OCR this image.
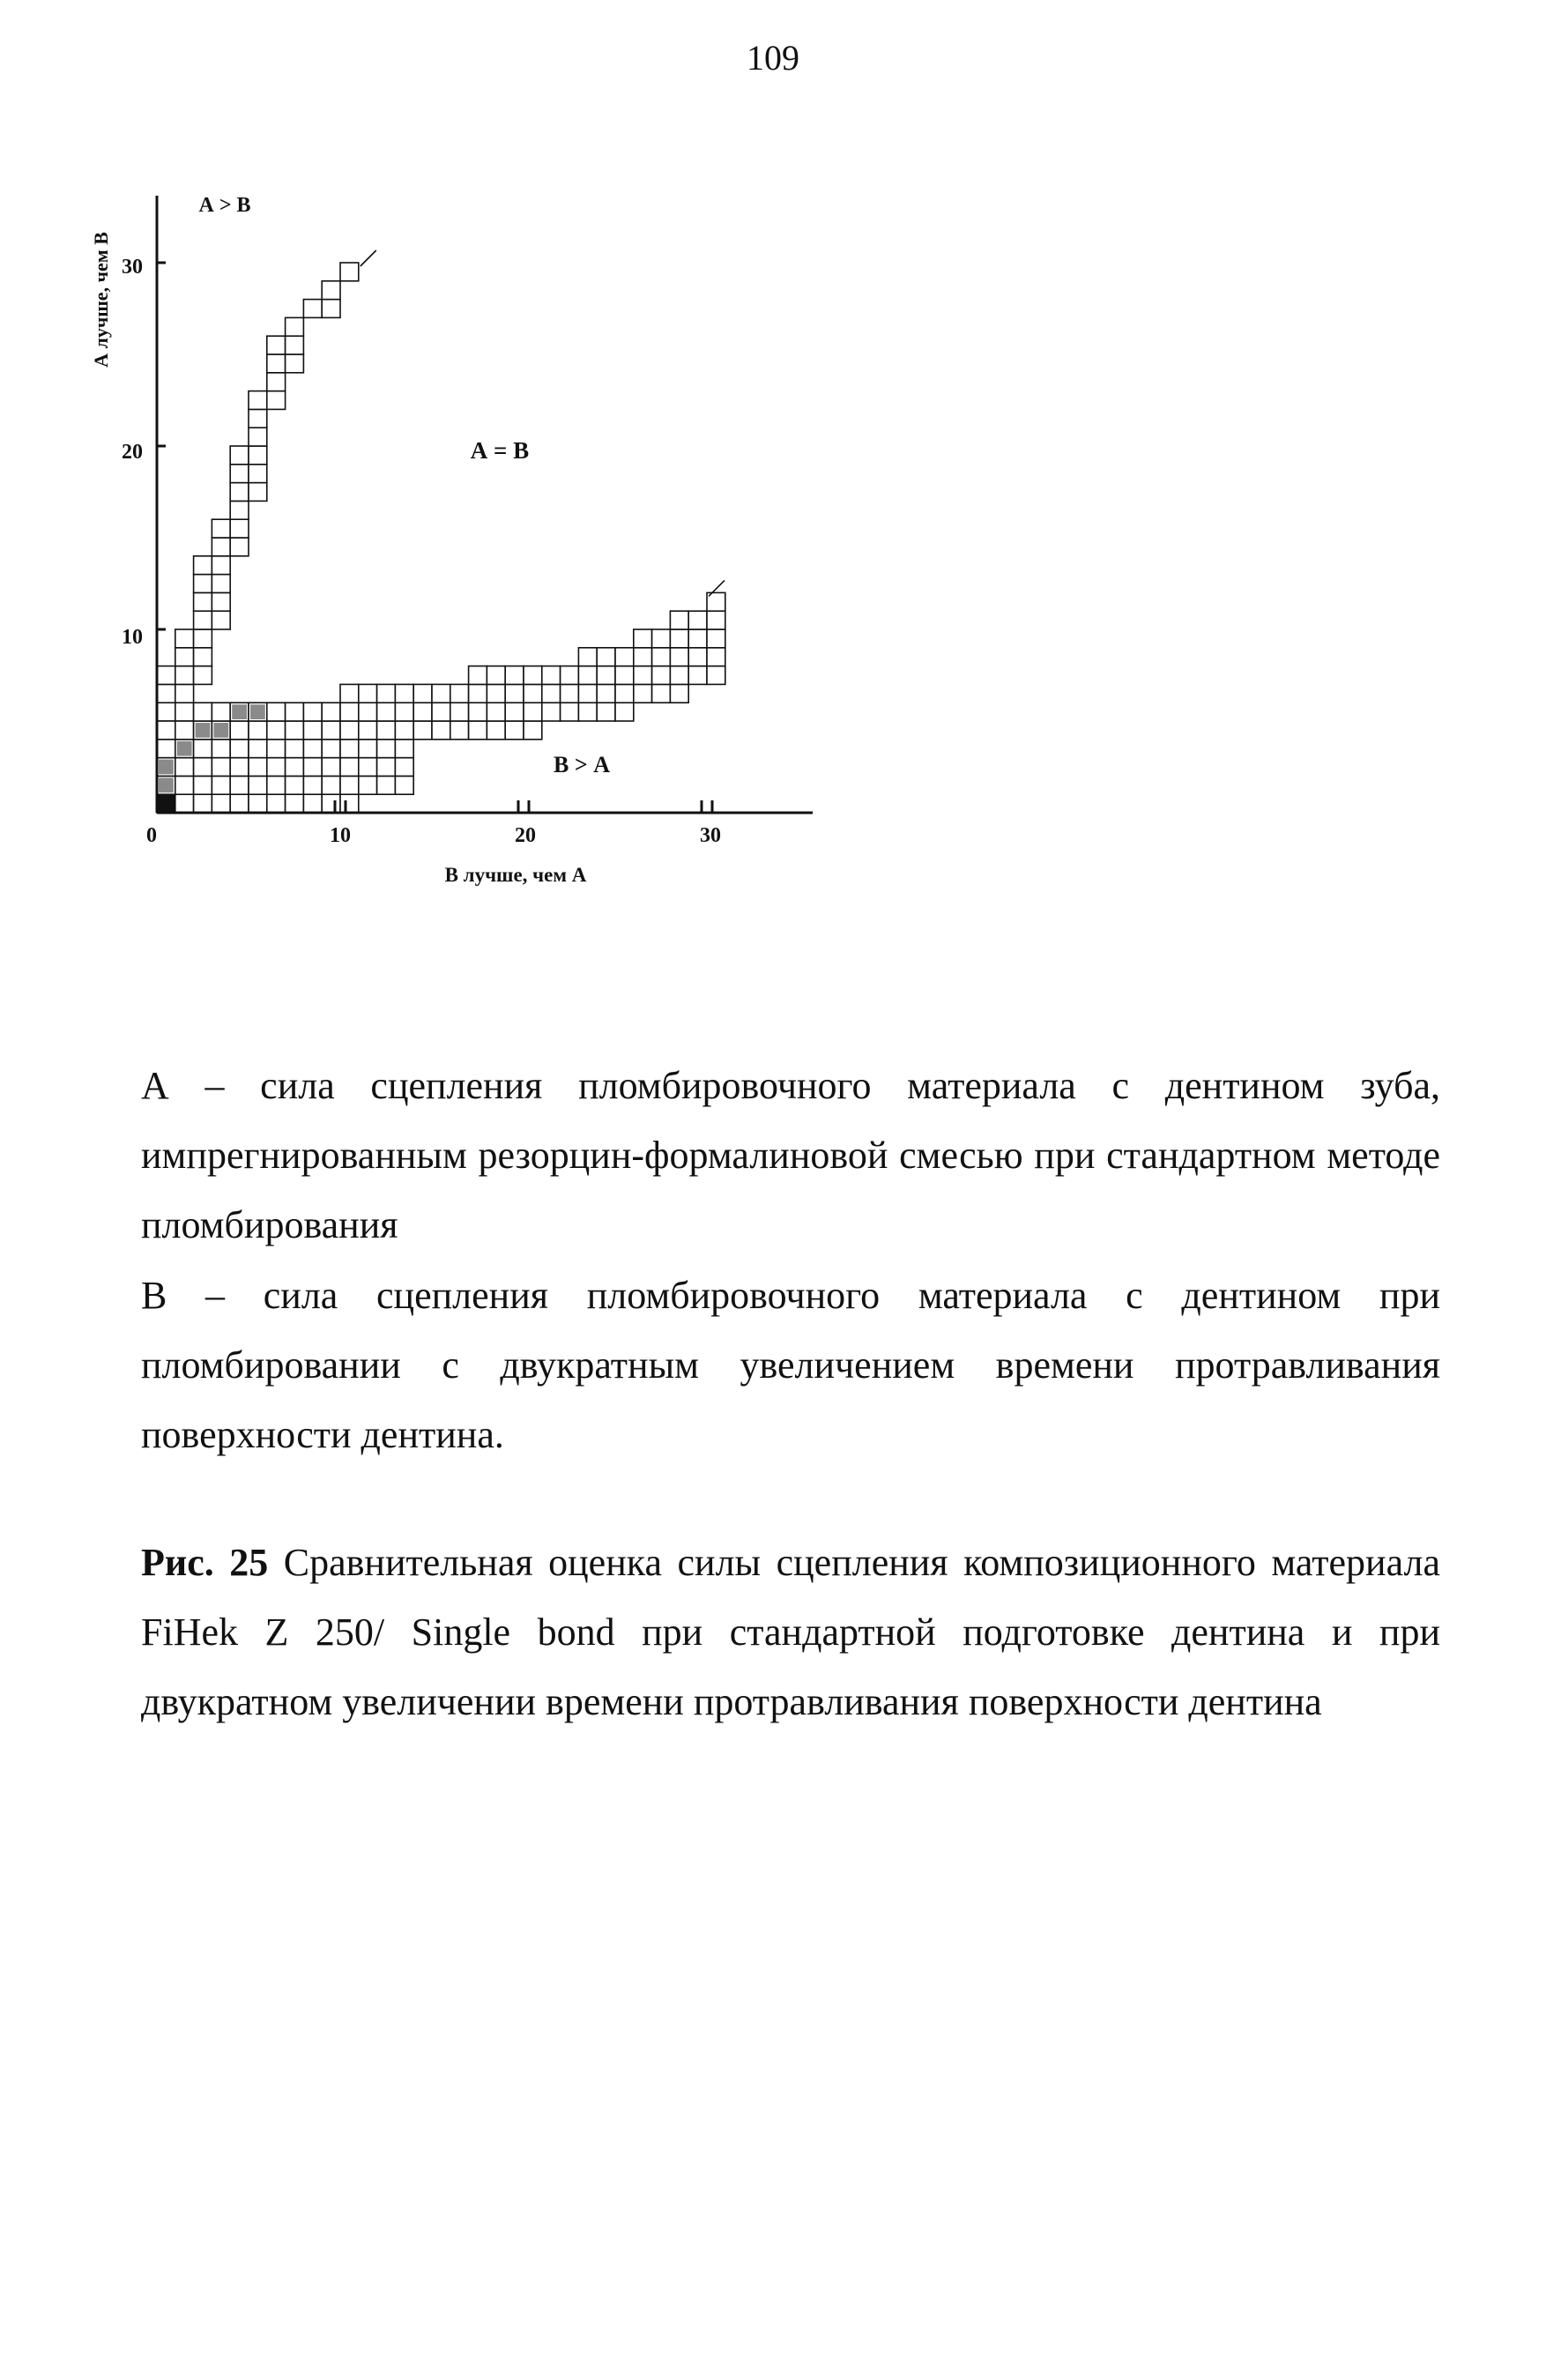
109
А лучше, чем В
В лучше, чем А
А > В
А = В
В > А
0	10	20	30
10
20
30
А – сила сцепления пломбировочного материала с дентином зуба, импрегнированным резорцин-формалиновой смесью при стандартном методе пломбирования
В – сила сцепления пломбировочного материала с дентином при пломбировании с двукратным увеличением времени протравливания поверхности дентина.
Рис. 25 Сравнительная оценка силы сцепления композиционного материала FiHek Z 250/ Single bond при стандартной подготовке дентина и при двукратном увеличении времени протравливания поверхности дентина
